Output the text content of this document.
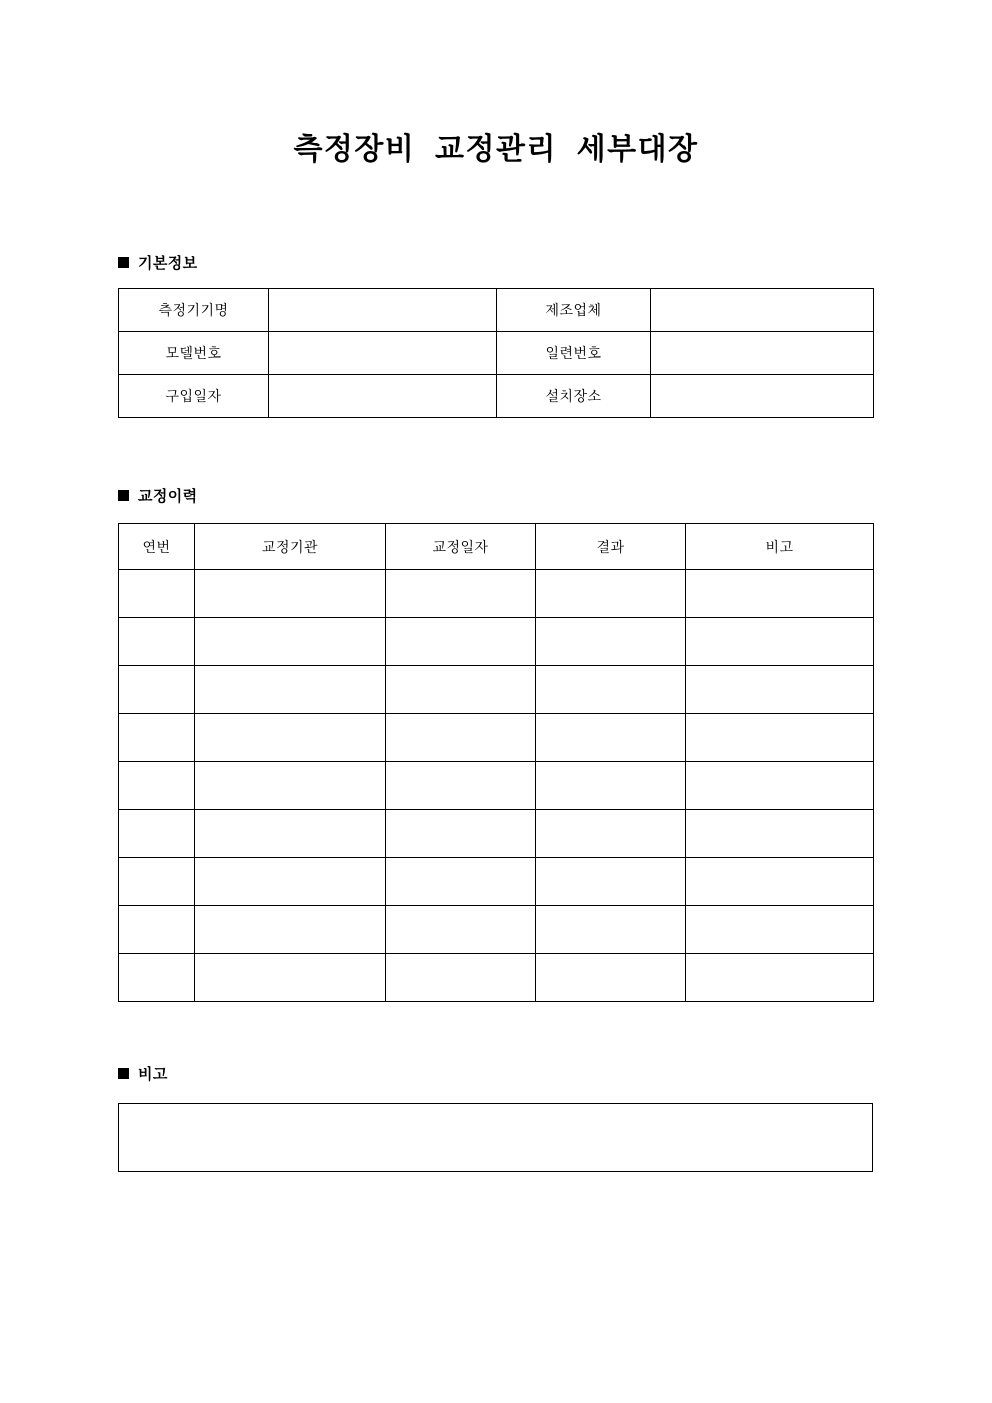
측정장비  교정관리  세부대장
기본정보
측정기기명		제조업체	
모델번호		일련번호	
구입일자		설치장소	
교정이력
연번	교정기관	교정일자	결과	비고

비고
